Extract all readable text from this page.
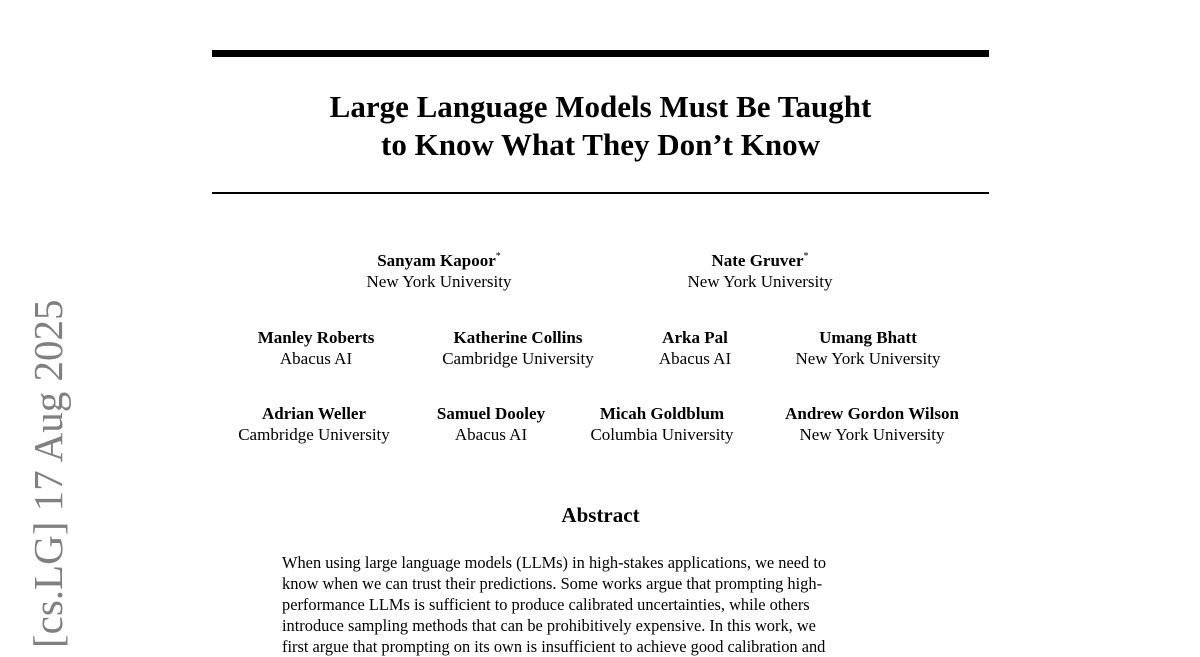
Large Language Models Must Be Taught
to Know What They Don’t Know
Sanyam Kapoor*
New York University
Nate Gruver*
New York University
Manley Roberts
Abacus AI
Katherine Collins
Cambridge University
Arka Pal
Abacus AI
Umang Bhatt
New York University
Adrian Weller
Cambridge University
Samuel Dooley
Abacus AI
Micah Goldblum
Columbia University
Andrew Gordon Wilson
New York University
Abstract
When using large language models (LLMs) in high-stakes applications, we need to
know when we can trust their predictions. Some works argue that prompting high-
performance LLMs is sufficient to produce calibrated uncertainties, while others
introduce sampling methods that can be prohibitively expensive. In this work, we
first argue that prompting on its own is insufficient to achieve good calibration and
[cs.LG] 17 Aug 2025
